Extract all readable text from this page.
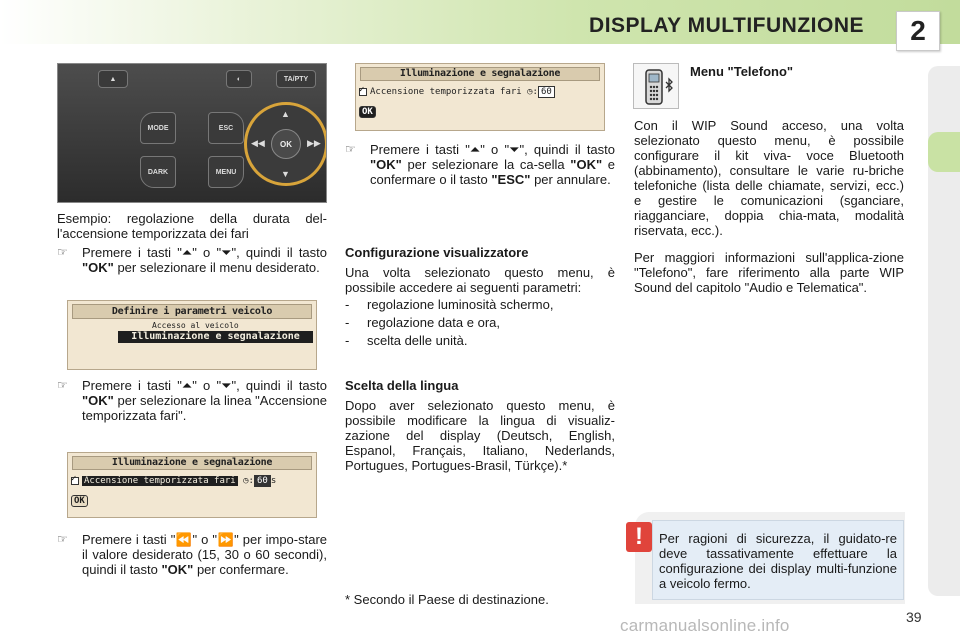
DISPLAY MULTIFUNZIONE	2
▲	◐	TA/PTY
MODE
DARK
ESC
MENU
▲
▼
◀◀	▶▶
OK
Esempio: regolazione della durata del-l'accensione temporizzata dei fari
☞ Premere i tasti "⏶" o "⏷", quindi il tasto "OK" per selezionare il menu desiderato.
Definire i parametri veicolo
Accesso al veicolo
Illuminazione e segnalazione
☞ Premere i tasti "⏶" o "⏷", quindi il tasto "OK" per selezionare la linea "Accensione temporizzata fari".
Illuminazione e segnalazione
✓Accensione temporizzata fari ◷: 60 s
OK
☞ Premere i tasti "⏪" o "⏩" per impo-stare il valore desiderato (15, 30 o 60 secondi), quindi il tasto "OK" per confermare.
Illuminazione e segnalazione
✓Accensione temporizzata fari ◷: 60
OK
☞ Premere i tasti "⏶" o "⏷", quindi il tasto "OK" per selezionare la ca-sella "OK" e confermare o il tasto "ESC" per annulare.
Configurazione visualizzatore
Una volta selezionato questo menu, è possibile accedere ai seguenti parametri:
- regolazione luminosità schermo,
- regolazione data e ora,
- scelta delle unità.
Scelta della lingua
Dopo aver selezionato questo menu, è possibile modificare la lingua di visualiz-zazione del display (Deutsch, English, Espanol, Français, Italiano, Nederlands, Portugues, Portugues-Brasil, Türkçe).*
* Secondo il Paese di destinazione.
Menu "Telefono"
Con il WIP Sound acceso, una volta selezionato questo menu, è possibile configurare il kit viva- voce Bluetooth (abbinamento), consultare le varie ru-briche telefoniche (lista delle chiamate, servizi, ecc.) e gestire le comunicazioni (sganciare, riagganciare, doppia chia-mata, modalità riservata, ecc.).
Per maggiori informazioni sull'applica-zione "Telefono", fare riferimento alla parte WIP Sound del capitolo "Audio e Telematica".
Per ragioni di sicurezza, il guidato-re deve tassativamente effettuare la configurazione dei display multi-funzione a veicolo fermo.
!
39
carmanualsonline.info
